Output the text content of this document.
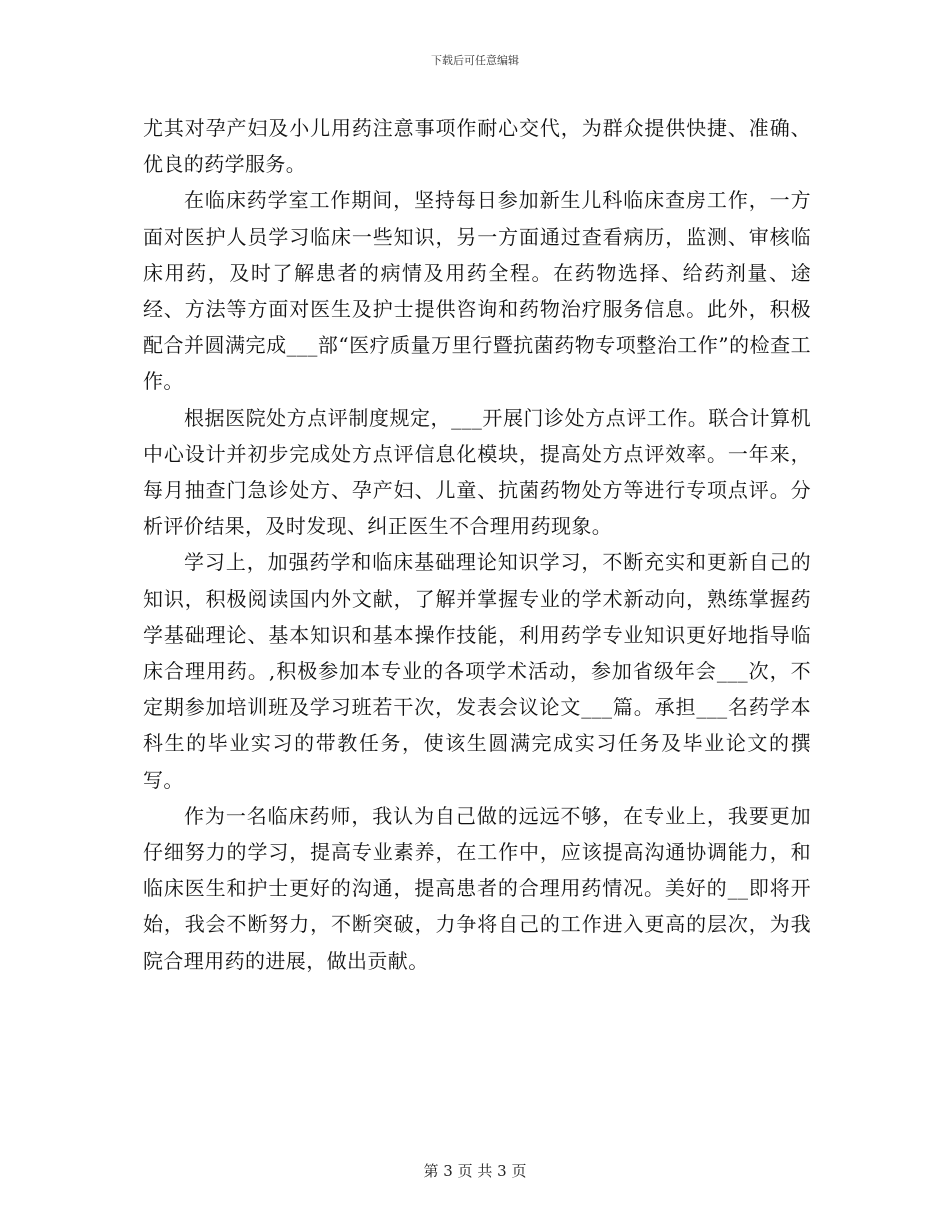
下载后可任意编辑

尤其对孕产妇及小儿用药注意事项作耐心交代，为群众提供快捷、准确、优良的药学服务。

在临床药学室工作期间，坚持每日参加新生儿科临床查房工作，一方面对医护人员学习临床一些知识，另一方面通过查看病历，监测、审核临床用药，及时了解患者的病情及用药全程。在药物选择、给药剂量、途经、方法等方面对医生及护士提供咨询和药物治疗服务信息。此外，积极配合并圆满完成___部“医疗质量万里行暨抗菌药物专项整治工作”的检查工作。

根据医院处方点评制度规定，___开展门诊处方点评工作。联合计算机中心设计并初步完成处方点评信息化模块，提高处方点评效率。一年来，每月抽查门急诊处方、孕产妇、儿童、抗菌药物处方等进行专项点评。分析评价结果，及时发现、纠正医生不合理用药现象。

学习上，加强药学和临床基础理论知识学习，不断充实和更新自己的知识，积极阅读国内外文献，了解并掌握专业的学术新动向，熟练掌握药学基础理论、基本知识和基本操作技能，利用药学专业知识更好地指导临床合理用药。,积极参加本专业的各项学术活动，参加省级年会___次，不定期参加培训班及学习班若干次，发表会议论文___篇。承担___名药学本科生的毕业实习的带教任务，使该生圆满完成实习任务及毕业论文的撰写。

作为一名临床药师，我认为自己做的远远不够，在专业上，我要更加仔细努力的学习，提高专业素养，在工作中，应该提高沟通协调能力，和临床医生和护士更好的沟通，提高患者的合理用药情况。美好的__即将开始，我会不断努力，不断突破，力争将自己的工作进入更高的层次，为我院合理用药的进展，做出贡献。

第 3 页 共 3 页
